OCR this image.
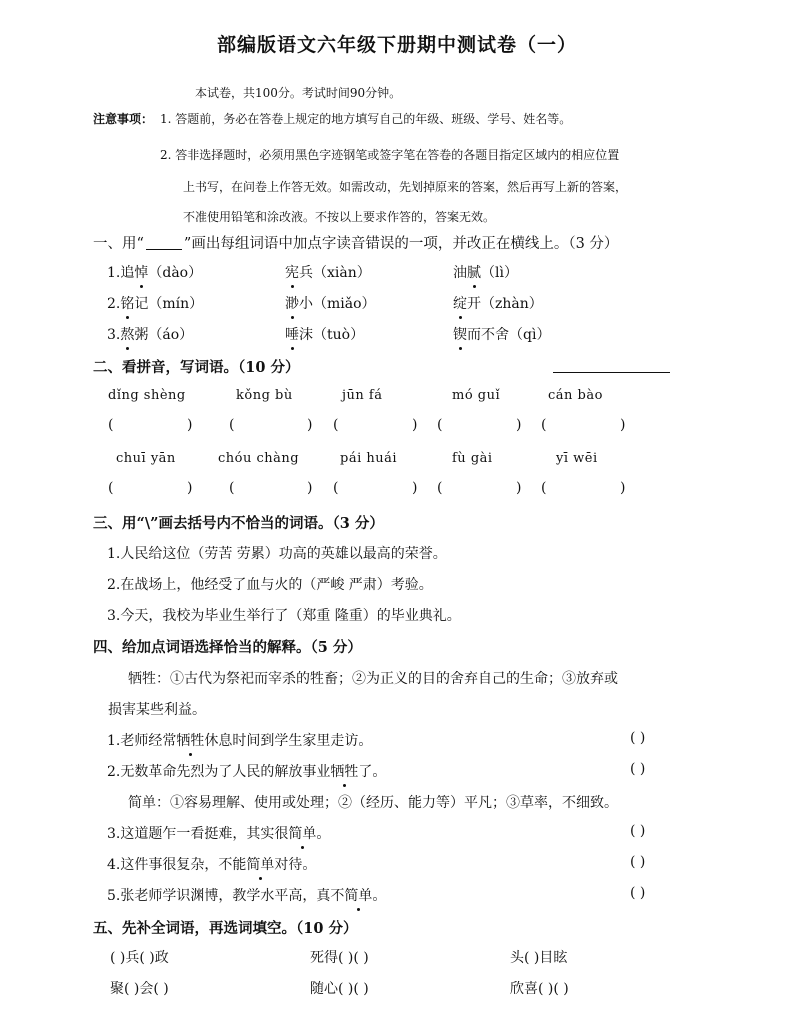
部编版语文六年级下册期中测试卷（一）
本试卷，共100分。考试时间90分钟。
注意事项： 1. 答题前，务必在答卷上规定的地方填写自己的年级、班级、学号、姓名等。
2. 答非选择题时，必须用黑色字迹钢笔或签字笔在答卷的各题目指定区域内的相应位置
上书写，在问卷上作答无效。如需改动，先划掉原来的答案，然后再写上新的答案，
不准使用铅笔和涂改液。不按以上要求作答的，答案无效。
一、用“	”画出每组词语中加点字读音错误的一项，并改正在横线上。（3 分）
1.追悼（dào）	宪兵（xiàn）	油腻（lì）
2.铭记（mín）	渺小（miǎo）	绽开（zhàn）
3.熬粥（áo）	唾沫（tuò）	锲而不舍（qì）
二、看拼音，写词语。（10 分）
dǐng shèng	kǒng bù	jūn fá	mó guǐ	cán bào
(	)	(	) (	) (	) (	)
chuī yān	chóu chàng	pái huái	fù gài	yī wēi
(	)	(	) (	) (	) (	)
三、用“\”画去括号内不恰当的词语。（3 分）
1.人民给这位（劳苦 劳累）功高的英雄以最高的荣誉。
2.在战场上，他经受了血与火的（严峻 严肃）考验。
3.今天，我校为毕业生举行了（郑重 隆重）的毕业典礼。
四、给加点词语选择恰当的解释。（5 分）
牺牲：①古代为祭祀而宰杀的牲畜；②为正义的目的舍弃自己的生命；③放弃或
损害某些利益。
1.老师经常牺牲休息时间到学生家里走访。	( )
2.无数革命先烈为了人民的解放事业牺牲了。	( )
简单：①容易理解、使用或处理；②（经历、能力等）平凡；③草率，不细致。
3.这道题乍一看挺难，其实很简单。	( )
4.这件事很复杂，不能简单对待。	( )
5.张老师学识渊博，教学水平高，真不简单。	( )
五、先补全词语，再选词填空。（10 分）
( )兵( )政	死得( )( )	头( )目眩
聚( )会( )	随心( )( )	欣喜( )( )
